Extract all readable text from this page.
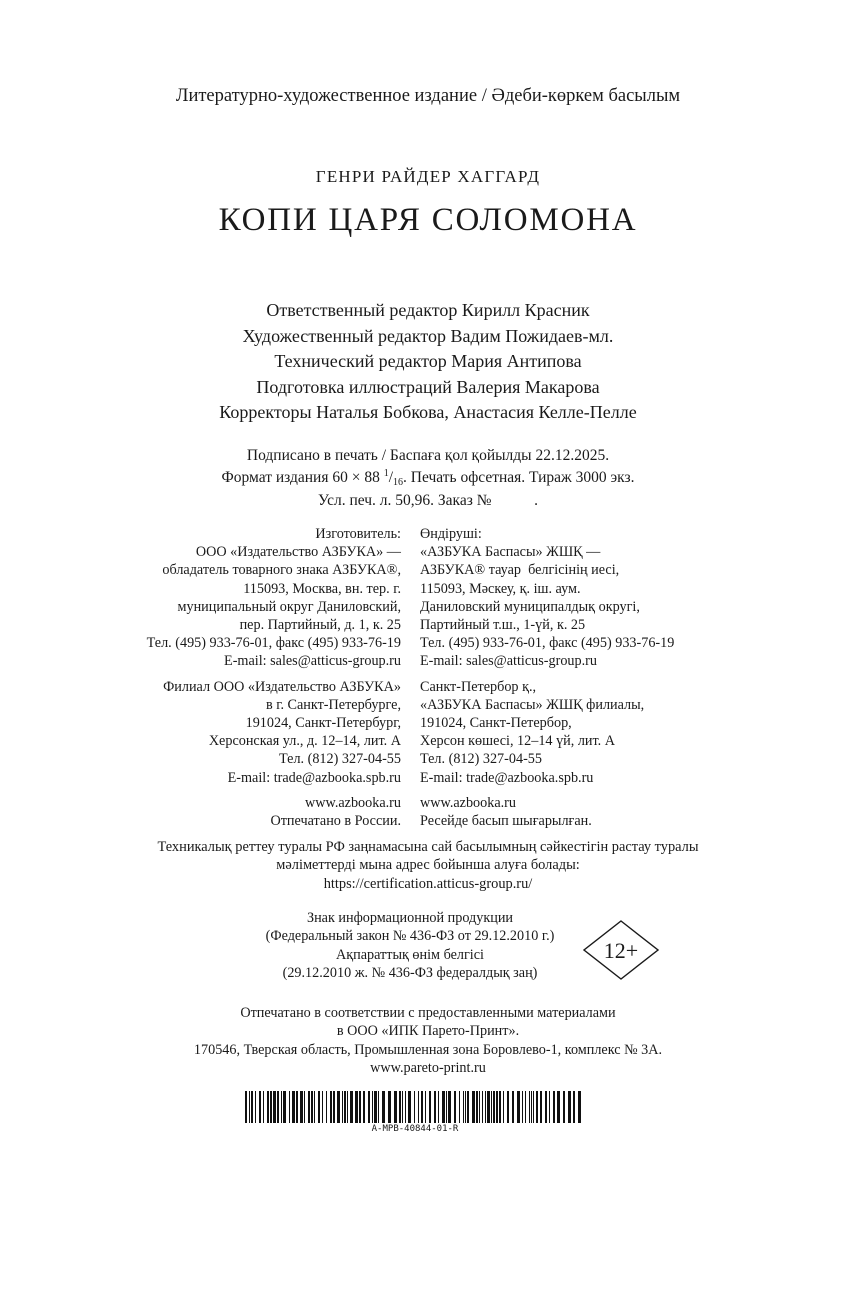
Литературно-художественное издание / Әдеби-көркем басылым
ГЕНРИ РАЙДЕР ХАГГАРД
КОПИ ЦАРЯ СОЛОМОНА
Ответственный редактор Кирилл Красник
Художественный редактор Вадим Пожидаев-мл.
Технический редактор Мария Антипова
Подготовка иллюстраций Валерия Макарова
Корректоры Наталья Бобкова, Анастасия Келле-Пелле
Подписано в печать / Баспаға қол қойылды 22.12.2025.
Формат издания 60 × 88 $^1$/16. Печать офсетная. Тираж 3000 экз.
Усл. печ. л. 50,96. Заказ №           .
Изготовитель:
ООО «Издательство АЗБУКА» —
обладатель товарного знака АЗБУКА®,
115093, Москва, вн. тер. г.
муниципальный округ Даниловский,
пер. Партийный, д. 1, к. 25
Тел. (495) 933-76-01, факс (495) 933-76-19
E-mail: sales@atticus-group.ru
Филиал ООО «Издательство АЗБУКА»
в г. Санкт-Петербурге,
191024, Санкт-Петербург,
Херсонская ул., д. 12–14, лит. А
Тел. (812) 327-04-55
E-mail: trade@azbooka.spb.ru
www.azbooka.ru
Отпечатано в России.
Өндіруші:
«АЗБУКА Баспасы» ЖШҚ —
АЗБУКА® тауар  белгісінің иесі,
115093, Мәскеу, қ. іш. аум.
Даниловский муниципалдық округі,
Партийный т.ш., 1-үй, к. 25
Тел. (495) 933-76-01, факс (495) 933-76-19
E-mail: sales@atticus-group.ru
Санкт-Петербор қ.,
«АЗБУКА Баспасы» ЖШҚ филиалы,
191024, Санкт-Петербор,
Херсон көшесі, 12–14 үй, лит. А
Тел. (812) 327-04-55
E-mail: trade@azbooka.spb.ru
www.azbooka.ru
Ресейде басып шығарылған.
Техникалық реттеу туралы РФ заңнамасына сай басылымның сәйкестігін растау туралы
мәліметтерді мына адрес бойынша алуға болады:
https://certification.atticus-group.ru/
Знак информационной продукции
(Федеральный закон № 436-ФЗ от 29.12.2010 г.)
Ақпараттық өнім белгісі
(29.12.2010 ж. № 436-ФЗ федералдық заң)
12+
Отпечатано в соответствии с предоставленными материалами
в ООО «ИПК Парето-Принт».
170546, Тверская область, Промышленная зона Боровлево-1, комплекс № 3А.
www.pareto-print.ru
A-MPB-40844-01-R
